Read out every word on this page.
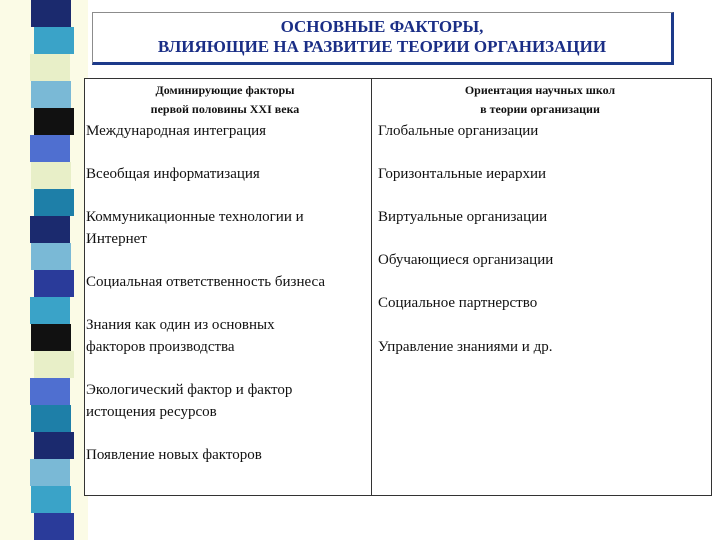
ОСНОВНЫЕ ФАКТОРЫ,
ВЛИЯЮЩИЕ НА РАЗВИТИЕ ТЕОРИИ ОРГАНИЗАЦИИ
Доминирующие факторы
первой половины XXI века
Ориентация научных школ
в теории организации
Международная интеграция
Всеобщая информатизация
Коммуникационные технологии и
Интернет
Социальная ответственность бизнеса
Знания как один из основных
факторов производства
Экологический фактор и фактор
истощения ресурсов
Появление новых факторов
Глобальные организации
Горизонтальные иерархии
Виртуальные организации
Обучающиеся организации
Социальное партнерство
Управление знаниями и др.
